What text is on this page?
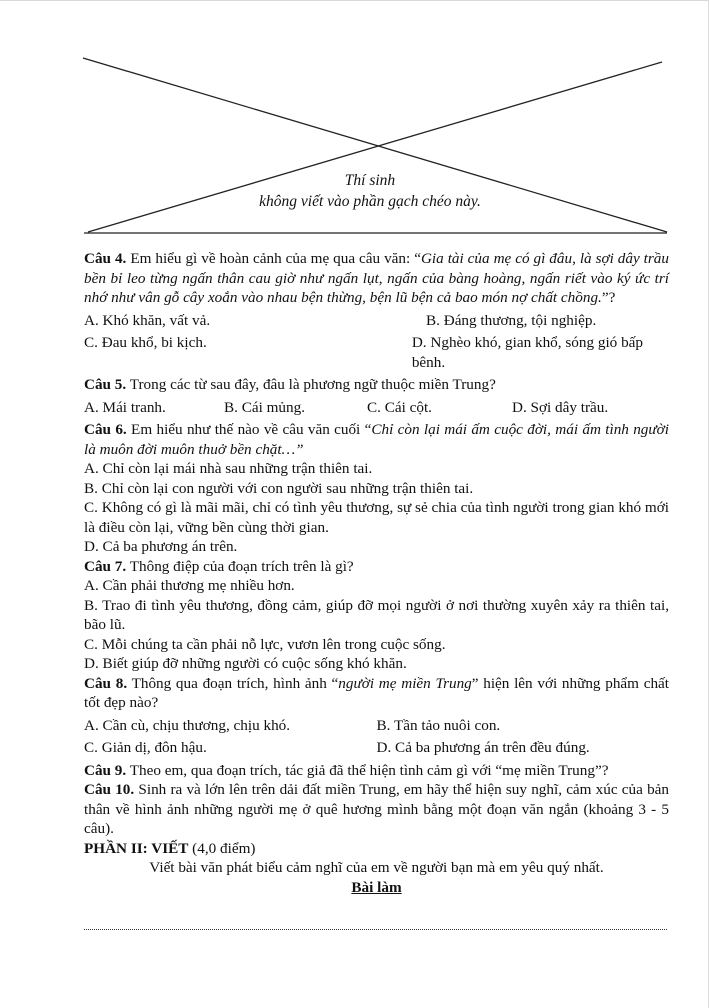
Thí sinh
không viết vào phần gạch chéo này.

Câu 4. Em hiểu gì về hoàn cảnh của mẹ qua câu văn: “Gia tài của mẹ có gì đâu, là sợi dây trầu bền bỉ leo từng ngấn thân cau giờ như ngấn lụt, ngấn của bàng hoàng, ngấn riết vào ký ức trí nhớ như vân gỗ cây xoắn vào nhau bện thừng, bện lũ bện cả bao món nợ chất chồng.”?

A. Khó khăn, vất vả.	B. Đáng thương, tội nghiệp.
C. Đau khổ, bi kịch.	D. Nghèo khó, gian khổ, sóng gió bấp bênh.

Câu 5. Trong các từ sau đây, đâu là phương ngữ thuộc miền Trung?

A. Mái tranh.	B. Cái mủng.	C. Cái cột.	D. Sợi dây trầu.

Câu 6. Em hiểu như thế nào về câu văn cuối “Chỉ còn lại mái ấm cuộc đời, mái ấm tình người là muôn đời muôn thuở bền chặt…”

A. Chỉ còn lại mái nhà sau những trận thiên tai.

B. Chỉ còn lại con người với con người sau những trận thiên tai.

C. Không có gì là mãi mãi, chỉ có tình yêu thương, sự sẻ chia của tình người trong gian khó mới là điều còn lại, vững bền cùng thời gian.

D. Cả ba phương án trên.

Câu 7. Thông điệp của đoạn trích trên là gì?

A. Cần phải thương mẹ nhiều hơn.

B. Trao đi tình yêu thương, đồng cảm, giúp đỡ mọi người ở nơi thường xuyên xảy ra thiên tai, bão lũ.

C. Mỗi chúng ta cần phải nỗ lực, vươn lên trong cuộc sống.

D. Biết giúp đỡ những người có cuộc sống khó khăn.

Câu 8. Thông qua đoạn trích, hình ảnh “người mẹ miền Trung” hiện lên với những phẩm chất tốt đẹp nào?

A. Cần cù, chịu thương, chịu khó.	B. Tần tảo nuôi con.
C. Giản dị, đôn hậu.	D. Cả ba phương án trên đều đúng.

Câu 9. Theo em, qua đoạn trích, tác giả đã thể hiện tình cảm gì với “mẹ miền Trung”?

Câu 10. Sinh ra và lớn lên trên dải đất miền Trung, em hãy thể hiện suy nghĩ, cảm xúc của bản thân về hình ảnh những người mẹ ở quê hương mình bằng một đoạn văn ngắn (khoảng 3 - 5 câu).

PHẦN II: VIẾT (4,0 điểm)

Viết bài văn phát biểu cảm nghĩ của em về người bạn mà em yêu quý nhất.

Bài làm
